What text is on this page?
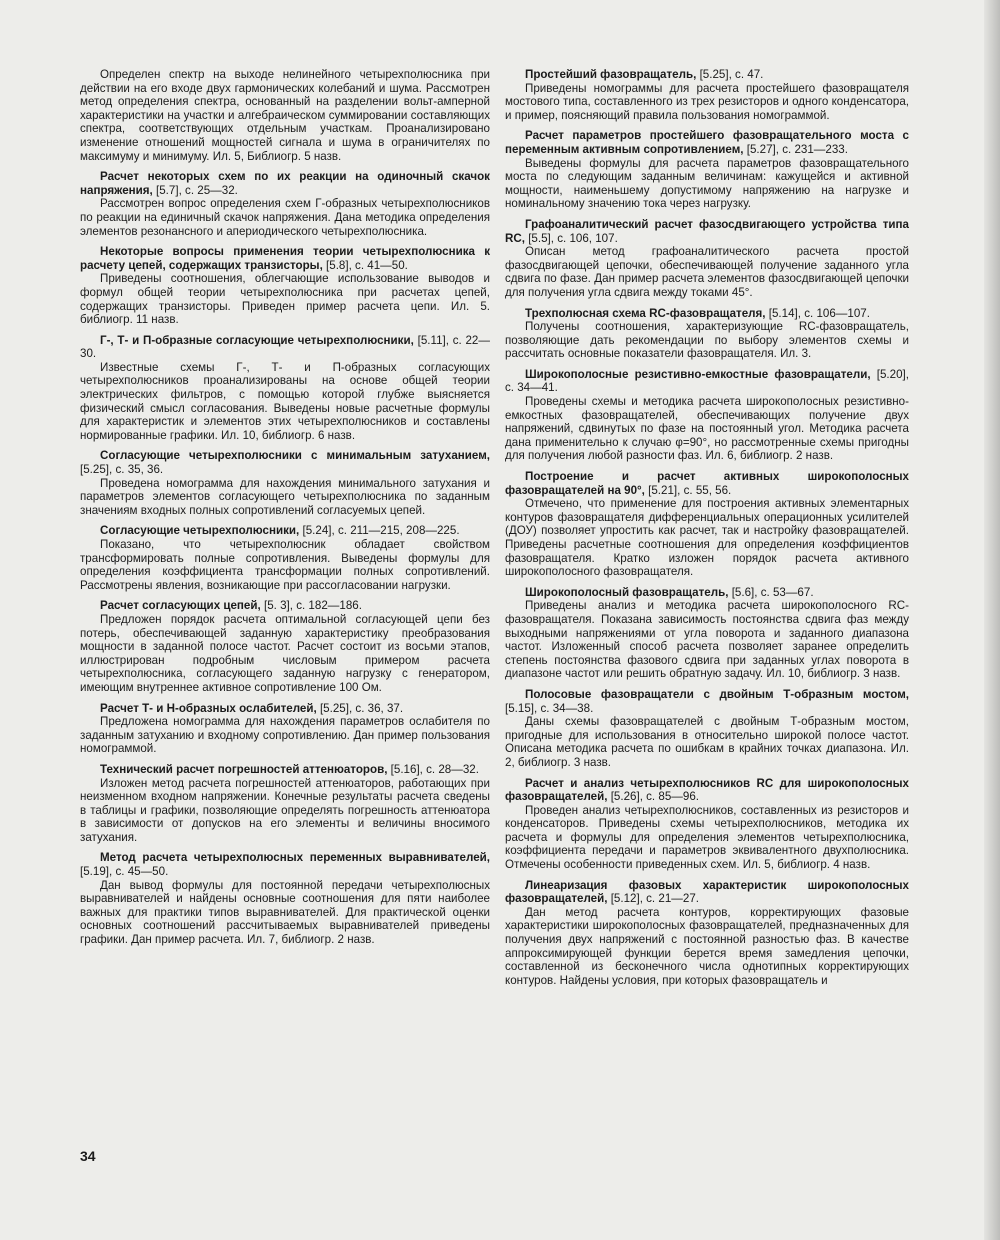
Определен спектр на выходе нелинейного четырехполюсника при действии на его входе двух гармонических колебаний и шума. Рассмотрен метод определения спектра, основанный на разделении вольт-амперной характеристики на участки и алгебраическом суммировании составляющих спектра, соответствующих отдельным участкам. Проанализировано изменение отношений мощностей сигнала и шума в ограничителях по максимуму и минимуму. Ил. 5, Библиогр. 5 назв.

Расчет некоторых схем по их реакции на одиночный скачок напряжения, [5.7], с. 25—32.

Рассмотрен вопрос определения схем Г-образных четырехполюсников по реакции на единичный скачок напряжения. Дана методика определения элементов резонансного и апериодического четырехполюсника.

Некоторые вопросы применения теории четырехполюсника к расчету цепей, содержащих транзисторы, [5.8], с. 41—50.

Приведены соотношения, облегчающие использование выводов и формул общей теории четырехполюсника при расчетах цепей, содержащих транзисторы. Приведен пример расчета цепи. Ил. 5. библиогр. 11 назв.

Г-, Т- и П-образные согласующие четырехполюсники, [5.11], с. 22—30.

Известные схемы Г-, Т- и П-образных согласующих четырехполюсников проанализированы на основе общей теории электрических фильтров, с помощью которой глубже выясняется физический смысл согласования. Выведены новые расчетные формулы для характеристик и элементов этих четырехполюсников и составлены нормированные графики. Ил. 10, библиогр. 6 назв.

Согласующие четырехполюсники с минимальным затуханием, [5.25], с. 35, 36.

Проведена номограмма для нахождения минимального затухания и параметров элементов согласующего четырехполюсника по заданным значениям входных полных сопротивлений согласуемых цепей.

Согласующие четырехполюсники, [5.24], с. 211—215, 208—225.

Показано, что четырехполюсник обладает свойством трансформировать полные сопротивления. Выведены формулы для определения коэффициента трансформации полных сопротивлений. Рассмотрены явления, возникающие при рассогласовании нагрузки.

Расчет согласующих цепей, [5. 3], с. 182—186.

Предложен порядок расчета оптимальной согласующей цепи без потерь, обеспечивающей заданную характеристику преобразования мощности в заданной полосе частот. Расчет состоит из восьми этапов, иллюстрирован подробным числовым примером расчета четырехполюсника, согласующего заданную нагрузку с генератором, имеющим внутреннее активное сопротивление 100 Ом.

Расчет Т- и Н-образных ослабителей, [5.25], с. 36, 37.

Предложена номограмма для нахождения параметров ослабителя по заданным затуханию и входному сопротивлению. Дан пример пользования номограммой.

Технический расчет погрешностей аттенюаторов, [5.16], с. 28—32.

Изложен метод расчета погрешностей аттенюаторов, работающих при неизменном входном напряжении. Конечные результаты расчета сведены в таблицы и графики, позволяющие определять погрешность аттенюатора в зависимости от допусков на его элементы и величины вносимого затухания.

Метод расчета четырехполюсных переменных выравнивателей, [5.19], с. 45—50.

Дан вывод формулы для постоянной передачи четырехполюсных выравнивателей и найдены основные соотношения для пяти наиболее важных для практики типов выравнивателей. Для практической оценки основных соотношений рассчитываемых выравнивателей приведены графики. Дан пример расчета. Ил. 7, библиогр. 2 назв.

Простейший фазовращатель, [5.25], с. 47.

Приведены номограммы для расчета простейшего фазовращателя мостового типа, составленного из трех резисторов и одного конденсатора, и пример, поясняющий правила пользования номограммой.

Расчет параметров простейшего фазовращательного моста с переменным активным сопротивлением, [5.27], с. 231—233.

Выведены формулы для расчета параметров фазовращательного моста по следующим заданным величинам: кажущейся и активной мощности, наименьшему допустимому напряжению на нагрузке и номинальному значению тока через нагрузку.

Графоаналитический расчет фазосдвигающего устройства типа RC, [5.5], с. 106, 107.

Описан метод графоаналитического расчета простой фазосдвигающей цепочки, обеспечивающей получение заданного угла сдвига по фазе. Дан пример расчета элементов фазосдвигающей цепочки для получения угла сдвига между токами 45°.

Трехполюсная схема RC-фазовращателя, [5.14], с. 106—107.

Получены соотношения, характеризующие RC-фазовращатель, позволяющие дать рекомендации по выбору элементов схемы и рассчитать основные показатели фазовращателя. Ил. 3.

Широкополосные резистивно-емкостные фазовращатели, [5.20], с. 34—41.

Проведены схемы и методика расчета широкополосных резистивно-емкостных фазовращателей, обеспечивающих получение двух напряжений, сдвинутых по фазе на постоянный угол. Методика расчета дана применительно к случаю φ=90°, но рассмотренные схемы пригодны для получения любой разности фаз. Ил. 6, библиогр. 2 назв.

Построение и расчет активных широкополосных фазовращателей на 90°, [5.21], с. 55, 56.

Отмечено, что применение для построения активных элементарных контуров фазовращателя дифференциальных операционных усилителей (ДОУ) позволяет упростить как расчет, так и настройку фазовращателей. Приведены расчетные соотношения для определения коэффициентов фазовращателя. Кратко изложен порядок расчета активного широкополосного фазовращателя.

Широкополосный фазовращатель, [5.6], с. 53—67.

Приведены анализ и методика расчета широкополосного RC-фазовращателя. Показана зависимость постоянства сдвига фаз между выходными напряжениями от угла поворота и заданного диапазона частот. Изложенный способ расчета позволяет заранее определить степень постоянства фазового сдвига при заданных углах поворота в диапазоне частот или решить обратную задачу. Ил. 10, библиогр. 3 назв.

Полосовые фазовращатели с двойным Т-образным мостом, [5.15], с. 34—38.

Даны схемы фазовращателей с двойным Т-образным мостом, пригодные для использования в относительно широкой полосе частот. Описана методика расчета по ошибкам в крайних точках диапазона. Ил. 2, библиогр. 3 назв.

Расчет и анализ четырехполюсников RC для широкополосных фазовращателей, [5.26], с. 85—96.

Проведен анализ четырехполюсников, составленных из резисторов и конденсаторов. Приведены схемы четырехполюсников, методика их расчета и формулы для определения элементов четырехполюсника, коэффициента передачи и параметров эквивалентного двухполюсника. Отмечены особенности приведенных схем. Ил. 5, библиогр. 4 назв.

Линеаризация фазовых характеристик широкополосных фазовращателей, [5.12], с. 21—27.

Дан метод расчета контуров, корректирующих фазовые характеристики широкополосных фазовращателей, предназначенных для получения двух напряжений с постоянной разностью фаз. В качестве аппроксимирующей функции берется время замедления цепочки, составленной из бесконечного числа однотипных корректирующих контуров. Найдены условия, при которых фазовращатель и

34
